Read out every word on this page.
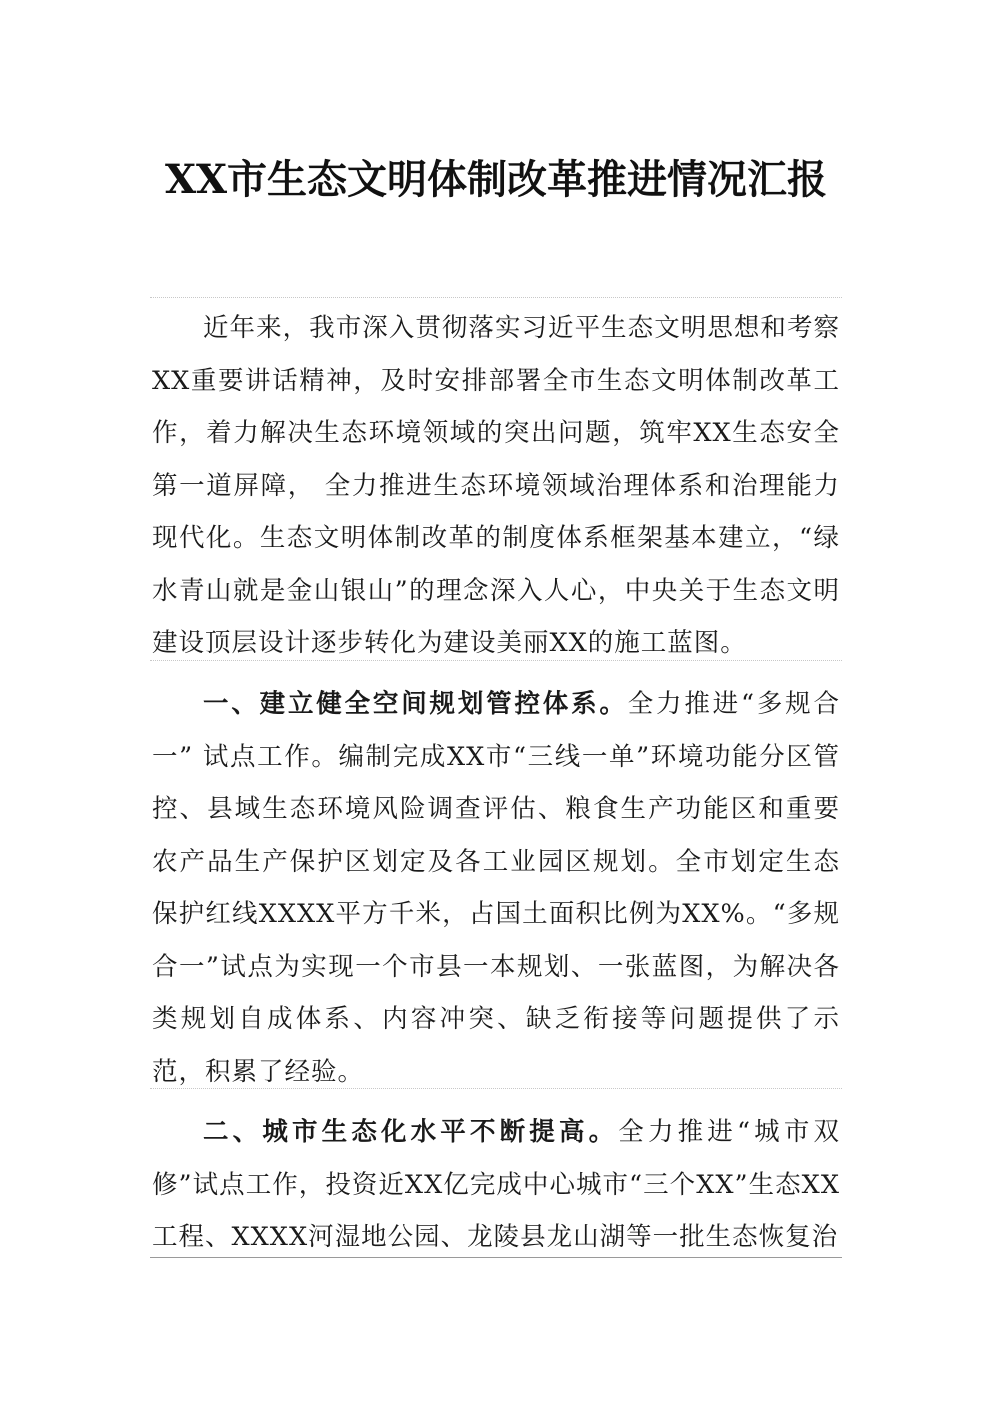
XX市生态文明体制改革推进情况汇报

近年来，我市深入贯彻落实习近平生态文明思想和考察XX重要讲话精神，及时安排部署全市生态文明体制改革工作，着力解决生态环境领域的突出问题，筑牢XX生态安全第一道屏障， 全力推进生态环境领域治理体系和治理能力现代化。生态文明体制改革的制度体系框架基本建立，“绿水青山就是金山银山”的理念深入人心，中央关于生态文明建设顶层设计逐步转化为建设美丽XX的施工蓝图。

一、建立健全空间规划管控体系。全力推进“多规合一” 试点工作。编制完成XX市“三线一单”环境功能分区管控、县域生态环境风险调查评估、粮食生产功能区和重要农产品生产保护区划定及各工业园区规划。全市划定生态保护红线XXXX平方千米，占国土面积比例为XX%。“多规合一”试点为实现一个市县一本规划、一张蓝图，为解决各类规划自成体系、内容冲突、缺乏衔接等问题提供了示范，积累了经验。

二、城市生态化水平不断提高。全力推进“城市双修”试点工作，投资近XX亿完成中心城市“三个XX”生态XX工程、XXXX河湿地公园、龙陵县龙山湖等一批生态恢复治
